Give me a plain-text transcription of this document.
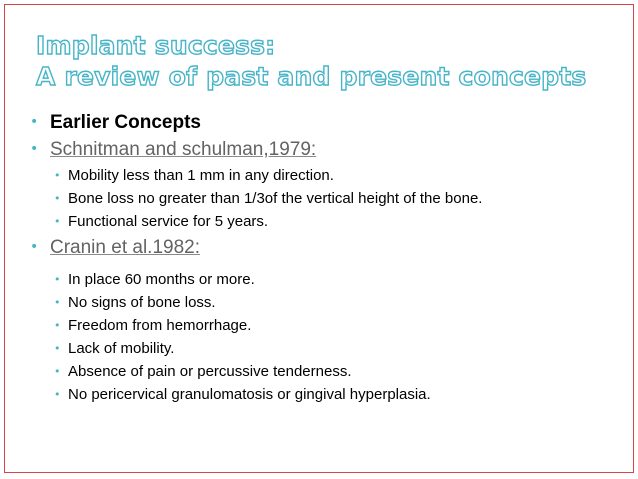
Implant success:
A review of past and present concepts
• Earlier Concepts
• Schnitman and schulman,1979:
• Mobility less than 1 mm in any direction.
• Bone loss no greater than 1/3of the vertical height of the bone.
• Functional service for 5 years.
• Cranin et al.1982:
• In place 60 months or more.
• No signs of bone loss.
• Freedom from hemorrhage.
• Lack of mobility.
• Absence of pain or percussive tenderness.
• No pericervical granulomatosis or gingival hyperplasia.
